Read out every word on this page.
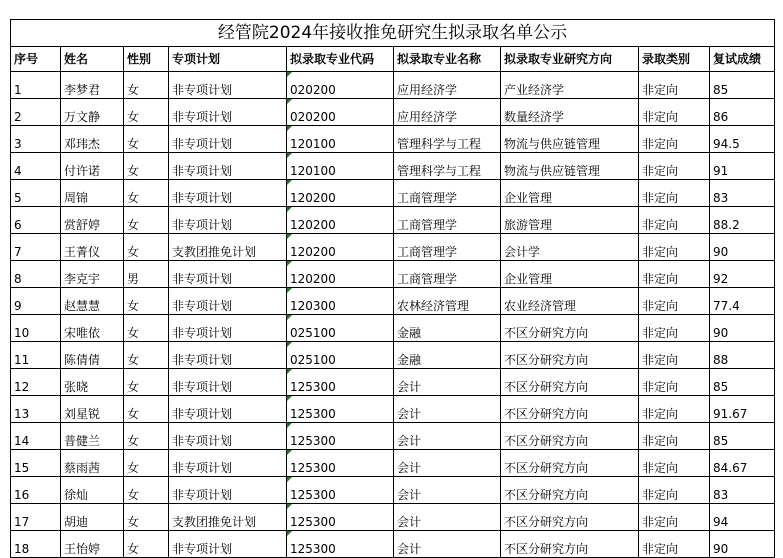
经管院2024年接收推免研究生拟录取名单公示								
序号	姓名	性别	专项计划	拟录取专业代码	拟录取专业名称	拟录取专业研究方向	录取类别	复试成绩
1	李梦君	女	非专项计划	020200	应用经济学	产业经济学	非定向	85
2	万文静	女	非专项计划	020200	应用经济学	数量经济学	非定向	86
3	邓玮杰	女	非专项计划	120100	管理科学与工程	物流与供应链管理	非定向	94.5
4	付许诺	女	非专项计划	120100	管理科学与工程	物流与供应链管理	非定向	91
5	周锦	女	非专项计划	120200	工商管理学	企业管理	非定向	83
6	赏舒婷	女	非专项计划	120200	工商管理学	旅游管理	非定向	88.2
7	王菁仪	女	支教团推免计划	120200	工商管理学	会计学	非定向	90
8	李克宇	男	非专项计划	120200	工商管理学	企业管理	非定向	92
9	赵慧慧	女	非专项计划	120300	农林经济管理	农业经济管理	非定向	77.4
10	宋唯依	女	非专项计划	025100	金融	不区分研究方向	非定向	90
11	陈倩倩	女	非专项计划	025100	金融	不区分研究方向	非定向	88
12	张晓	女	非专项计划	125300	会计	不区分研究方向	非定向	85
13	刘星锐	女	非专项计划	125300	会计	不区分研究方向	非定向	91.67
14	普健兰	女	非专项计划	125300	会计	不区分研究方向	非定向	85
15	蔡雨茜	女	非专项计划	125300	会计	不区分研究方向	非定向	84.67
16	徐灿	女	非专项计划	125300	会计	不区分研究方向	非定向	83
17	胡迪	女	支教团推免计划	125300	会计	不区分研究方向	非定向	94
18	王怡婷	女	非专项计划	125300	会计	不区分研究方向	非定向	90
